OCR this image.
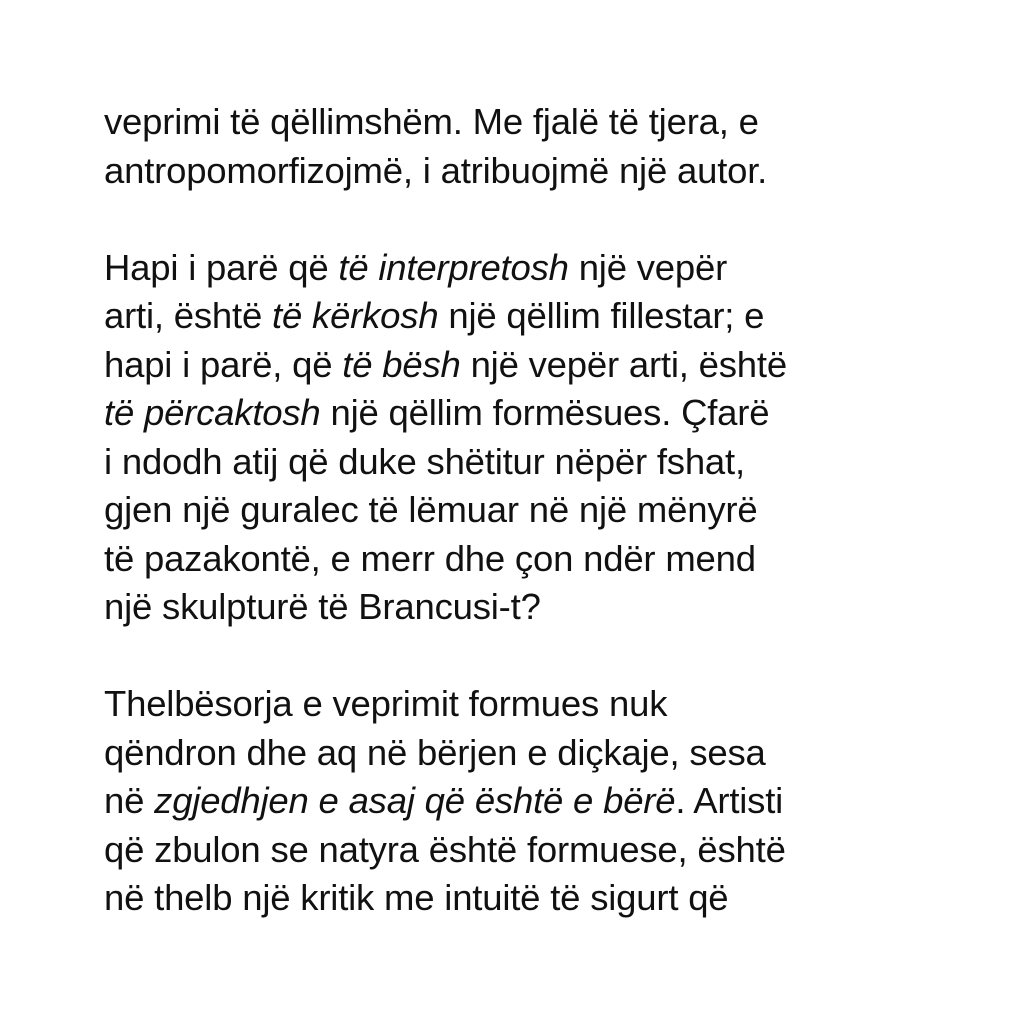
veprimi të qëllimshëm. Me fjalë të tjera, e
antropomorfizojmë, i atribuojmë një autor.
Hapi i parë që të interpretosh një vepër
arti, është të kërkosh një qëllim fillestar; e
hapi i parë, që të bësh një vepër arti, është
të përcaktosh një qëllim formësues. Çfarë
i ndodh atij që duke shëtitur nëpër fshat,
gjen një guralec të lëmuar në një mënyrë
të pazakontë, e merr dhe çon ndër mend
një skulpturë të Brancusi-t?
Thelbësorja e veprimit formues nuk
qëndron dhe aq në bërjen e diçkaje, sesa
në zgjedhjen e asaj që është e bërë. Artisti
që zbulon se natyra është formuese, është
në thelb një kritik me intuitë të sigurt që
